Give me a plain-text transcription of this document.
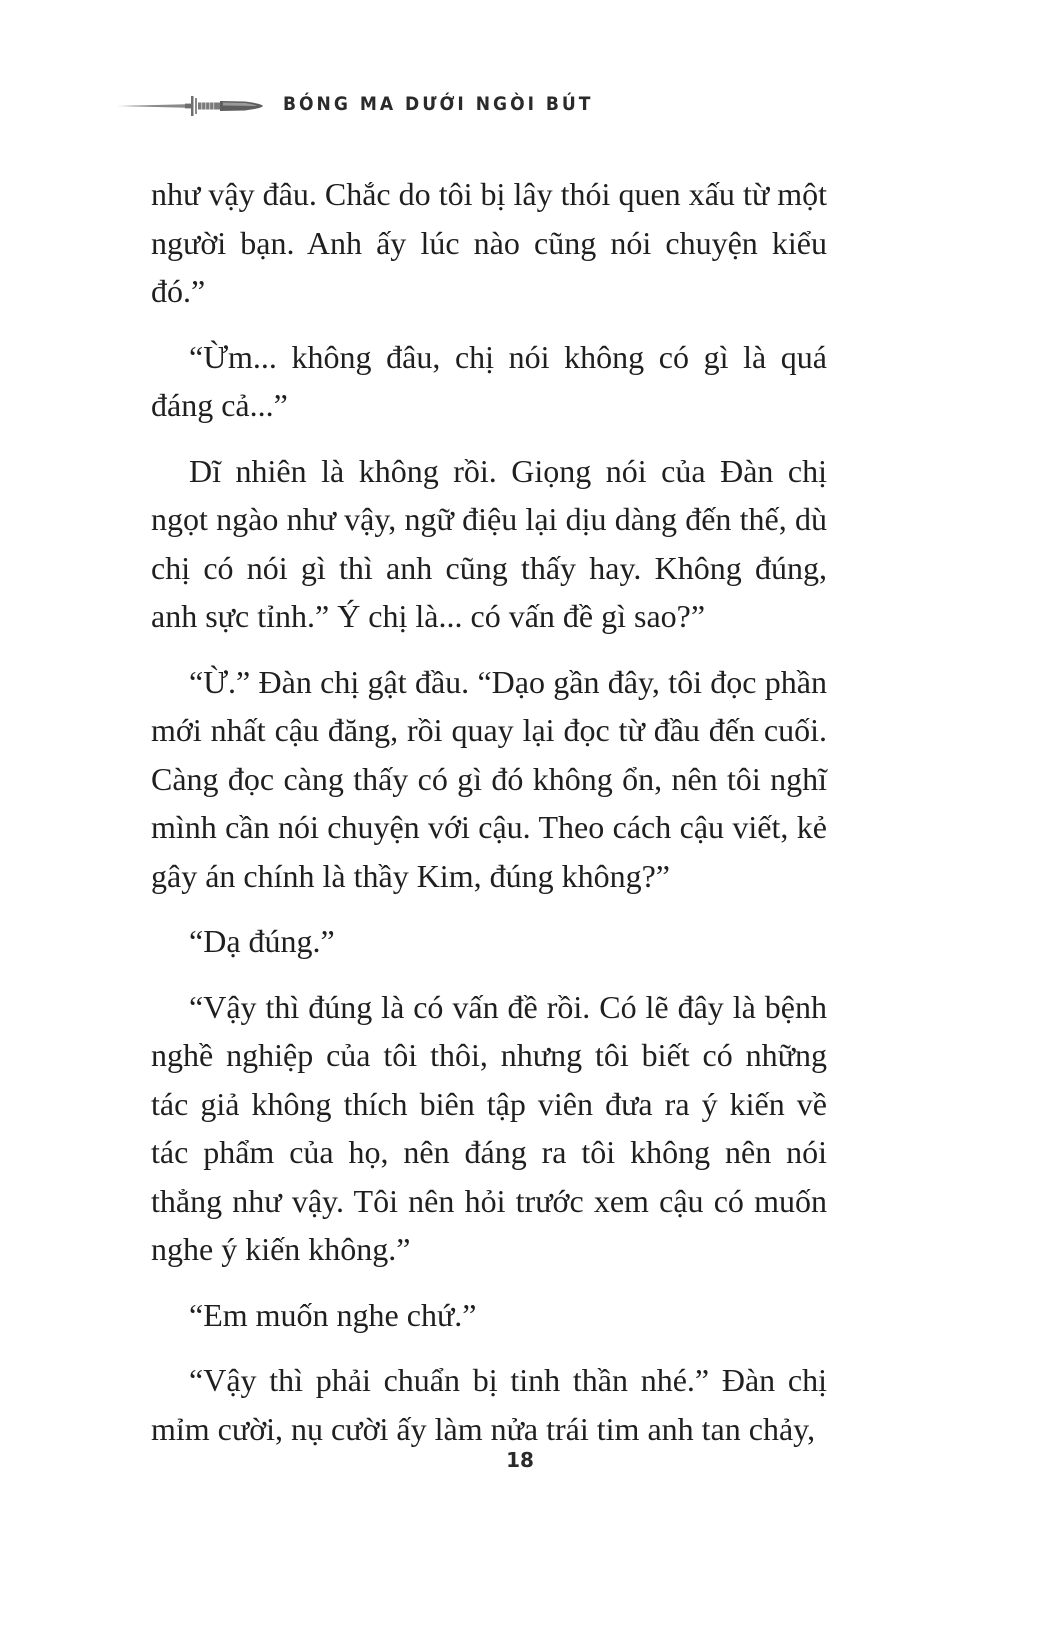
BÓNG MA DƯỚI NGÒI BÚT

như vậy đâu. Chắc do tôi bị lây thói quen xấu từ một người bạn. Anh ấy lúc nào cũng nói chuyện kiểu đó.”

“Ừm... không đâu, chị nói không có gì là quá đáng cả...”

Dĩ nhiên là không rồi. Giọng nói của Đàn chị ngọt ngào như vậy, ngữ điệu lại dịu dàng đến thế, dù chị có nói gì thì anh cũng thấy hay. Không đúng, anh sực tỉnh.” Ý chị là... có vấn đề gì sao?”

“Ừ.” Đàn chị gật đầu. “Dạo gần đây, tôi đọc phần mới nhất cậu đăng, rồi quay lại đọc từ đầu đến cuối. Càng đọc càng thấy có gì đó không ổn, nên tôi nghĩ mình cần nói chuyện với cậu. Theo cách cậu viết, kẻ gây án chính là thầy Kim, đúng không?”

“Dạ đúng.”

“Vậy thì đúng là có vấn đề rồi. Có lẽ đây là bệnh nghề nghiệp của tôi thôi, nhưng tôi biết có những tác giả không thích biên tập viên đưa ra ý kiến về tác phẩm của họ, nên đáng ra tôi không nên nói thẳng như vậy. Tôi nên hỏi trước xem cậu có muốn nghe ý kiến không.”

“Em muốn nghe chứ.”

“Vậy thì phải chuẩn bị tinh thần nhé.” Đàn chị mỉm cười, nụ cười ấy làm nửa trái tim anh tan chảy,

18
